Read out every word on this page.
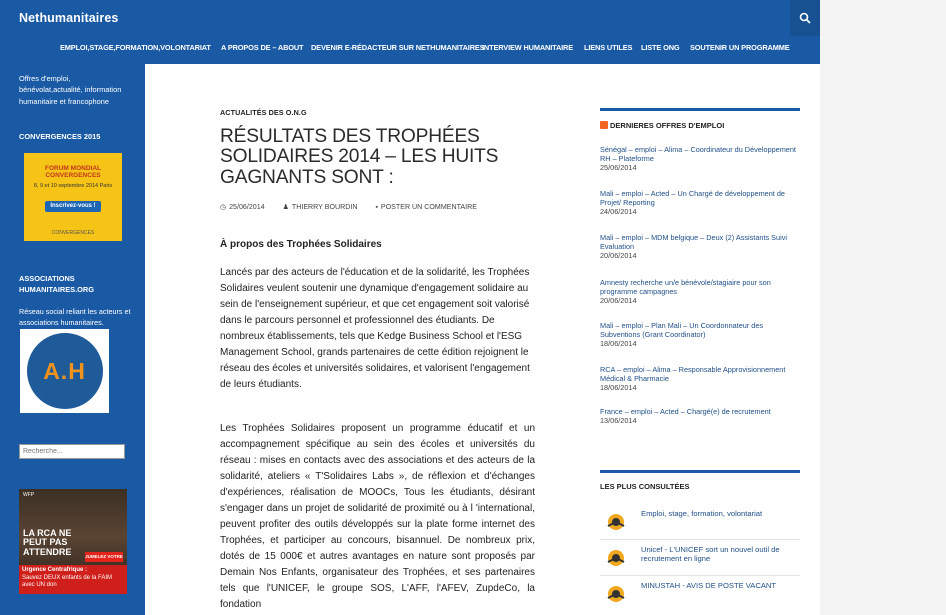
Nethumanitaires
EMPLOI,STAGE,FORMATION,VOLONTARIAT A PROPOS DE – ABOUT DEVENIR E-RÉDACTEUR SUR NETHUMANITAIRES
INTERVIEW HUMANITAIRE LIENS UTILES LISTE ONG SOUTENIR UN PROGRAMME
Offres d'emploi, bénévolat,actualité, information humanitaire et francophone
CONVERGENCES 2015
FORUM MONDIAL CONVERGENCES
8, 9 et 10 septembre 2014 Paris
Inscrivez-vous !
CONVERGENCES
ASSOCIATIONS HUMANITAIRES.ORG
Réseau social reliant les acteurs et associations humanitaires.
A.H
Recherche...
WFP
LA RCA NE PEUT PAS ATTENDRE	JUMELEZ VOTRE
Urgence Centrafrique :
Sauvez DEUX enfants de la FAIM avec UN don
ACTUALITÉS DES O.N.G
RÉSULTATS DES TROPHÉES SOLIDAIRES 2014 – LES HUITS GAGNANTS SONT :
◷ 25/06/2014	♟ THIERRY BOURDIN	▪ POSTER UN COMMENTAIRE
À propos des Trophées Solidaires

Lancés par des acteurs de l'éducation et de la solidarité, les Trophées Solidaires veulent soutenir une dynamique d'engagement solidaire au sein de l'enseignement supérieur, et que cet engagement soit valorisé dans le parcours personnel et professionnel des étudiants. De nombreux établissements, tels que Kedge Business School et l'ESG Management School, grands partenaires de cette édition rejoignent le réseau des écoles et universités solidaires, et valorisent l'engagement de leurs étudiants.

Les Trophées Solidaires proposent un programme éducatif et un accompagnement spécifique au sein des écoles et universités du réseau : mises en contacts avec des associations et des acteurs de la solidarité, ateliers « T'Solidaires Labs », de réflexion et d'échanges d'expériences, réalisation de MOOCs, Tous les étudiants, désirant s'engager dans un projet de solidarité de proximité ou à l 'international, peuvent profiter des outils développés sur la plate forme internet des Trophées, et participer au concours, bisannuel. De nombreux prix, dotés de 15 000€ et autres avantages en nature sont proposés par Demain Nos Enfants, organisateur des Trophées, et ses partenaires tels que l'UNICEF, le groupe SOS, L'AFF, l'AFEV, ZupdeCo, la fondation

DERNIERES OFFRES D'EMPLOI
Sénégal – emploi – Alima – Coordinateur du Développement RH – Plateforme
25/06/2014
Mali – emploi – Acted – Un Chargé de développement de Projet/ Reporting
24/06/2014
Mali – emploi – MDM belgique – Deux (2) Assistants Suivi Evaluation
20/06/2014
Amnesty recherche un/e bénévole/stagiaire pour son programme campagnes
20/06/2014
Mali – emploi – Plan Mali – Un Coordonnateur des Subventions (Grant Coordinator)
18/06/2014
RCA – emploi – Alima – Responsable Approvisionnement Médical & Pharmacie
18/06/2014
France – emploi – Acted – Chargé(e) de recrutement
13/06/2014
LES PLUS CONSULTÉES
Emploi, stage, formation, volontariat
Unicef - L'UNICEF sort un nouvel outil de recrutement en ligne
MINUSTAH - AVIS DE POSTE VACANT
